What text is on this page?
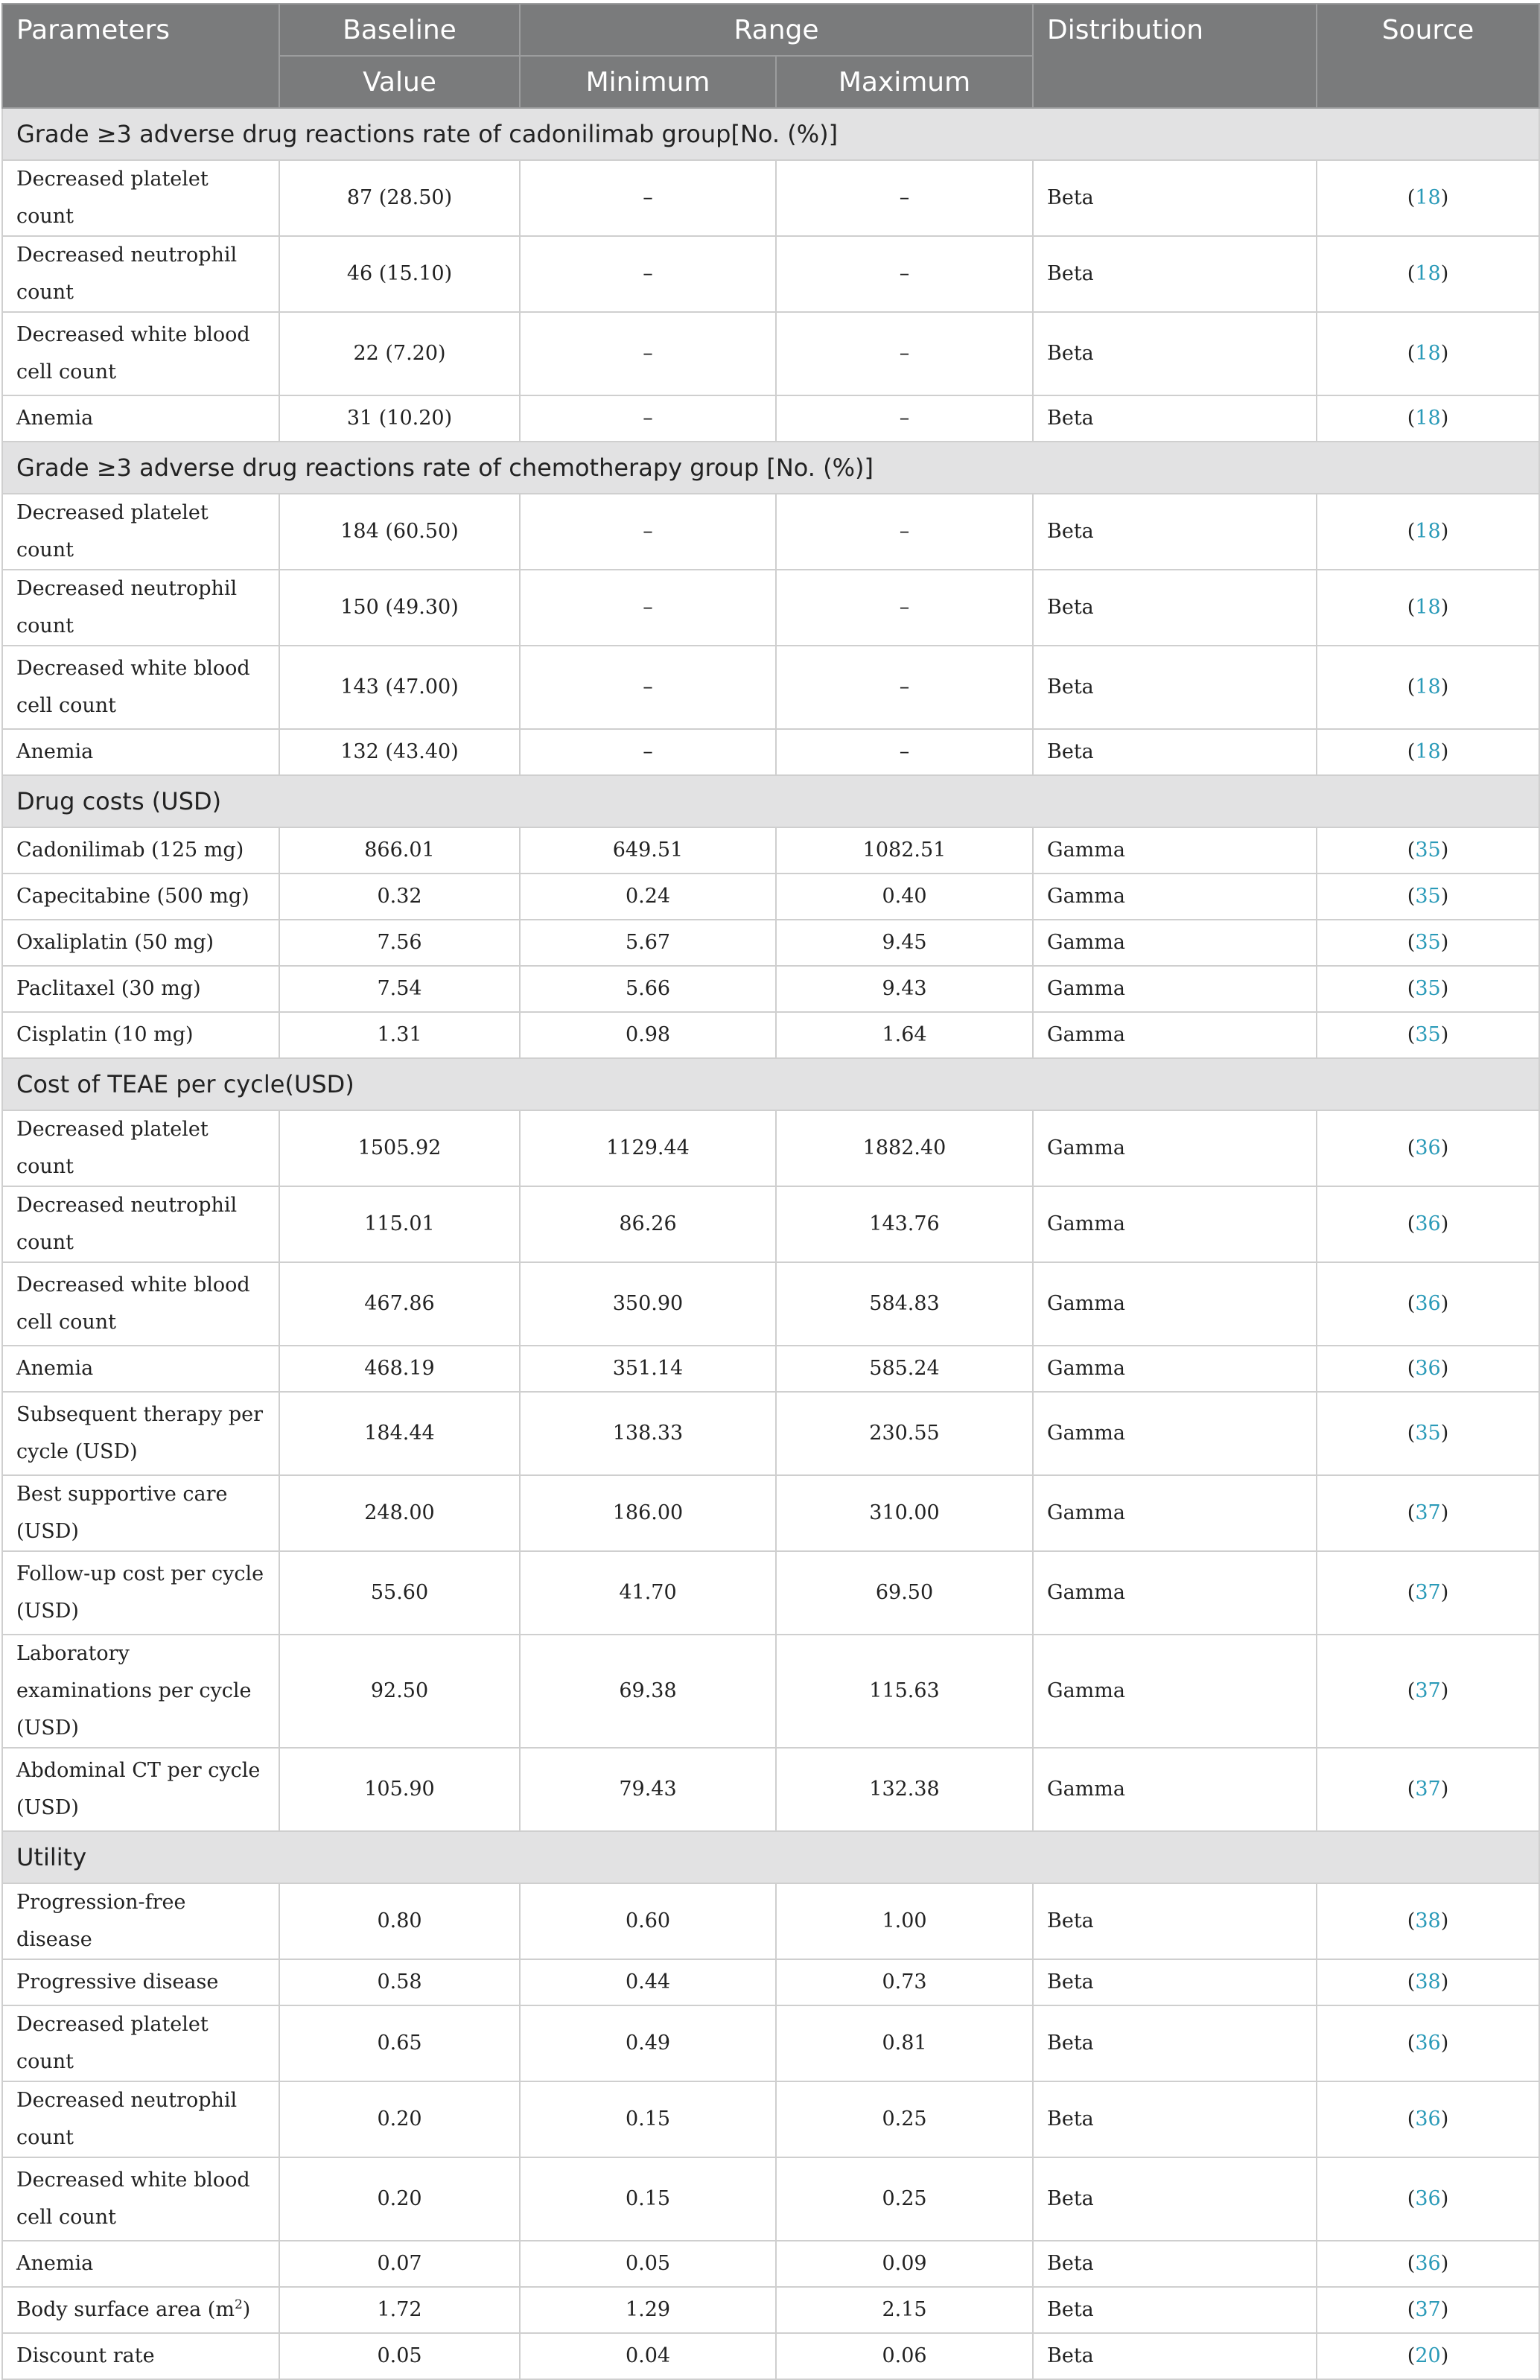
Parameters	Baseline	Range		Distribution	Source
	Value	Minimum	Maximum		
Grade ≥3 adverse drug reactions rate of cadonilimab group[No. (%)]					
Decreased platelet count	87 (28.50)	–	–	Beta	(18)
Decreased neutrophil count	46 (15.10)	–	–	Beta	(18)
Decreased white blood cell count	22 (7.20)	–	–	Beta	(18)
Anemia	31 (10.20)	–	–	Beta	(18)
Grade ≥3 adverse drug reactions rate of chemotherapy group [No. (%)]					
Decreased platelet count	184 (60.50)	–	–	Beta	(18)
Decreased neutrophil count	150 (49.30)	–	–	Beta	(18)
Decreased white blood cell count	143 (47.00)	–	–	Beta	(18)
Anemia	132 (43.40)	–	–	Beta	(18)
Drug costs (USD)					
Cadonilimab (125 mg)	866.01	649.51	1082.51	Gamma	(35)
Capecitabine (500 mg)	0.32	0.24	0.40	Gamma	(35)
Oxaliplatin (50 mg)	7.56	5.67	9.45	Gamma	(35)
Paclitaxel (30 mg)	7.54	5.66	9.43	Gamma	(35)
Cisplatin (10 mg)	1.31	0.98	1.64	Gamma	(35)
Cost of TEAE per cycle(USD)					
Decreased platelet count	1505.92	1129.44	1882.40	Gamma	(36)
Decreased neutrophil count	115.01	86.26	143.76	Gamma	(36)
Decreased white blood cell count	467.86	350.90	584.83	Gamma	(36)
Anemia	468.19	351.14	585.24	Gamma	(36)
Subsequent therapy per cycle (USD)	184.44	138.33	230.55	Gamma	(35)
Best supportive care (USD)	248.00	186.00	310.00	Gamma	(37)
Follow-up cost per cycle (USD)	55.60	41.70	69.50	Gamma	(37)
Laboratory examinations per cycle (USD)	92.50	69.38	115.63	Gamma	(37)
Abdominal CT per cycle (USD)	105.90	79.43	132.38	Gamma	(37)
Utility					
Progression-free disease	0.80	0.60	1.00	Beta	(38)
Progressive disease	0.58	0.44	0.73	Beta	(38)
Decreased platelet count	0.65	0.49	0.81	Beta	(36)
Decreased neutrophil count	0.20	0.15	0.25	Beta	(36)
Decreased white blood cell count	0.20	0.15	0.25	Beta	(36)
Anemia	0.07	0.05	0.09	Beta	(36)
Body surface area $(m^2)$	1.72	1.29	2.15	Beta	(37)
Discount rate	0.05	0.04	0.06	Beta	(20)
